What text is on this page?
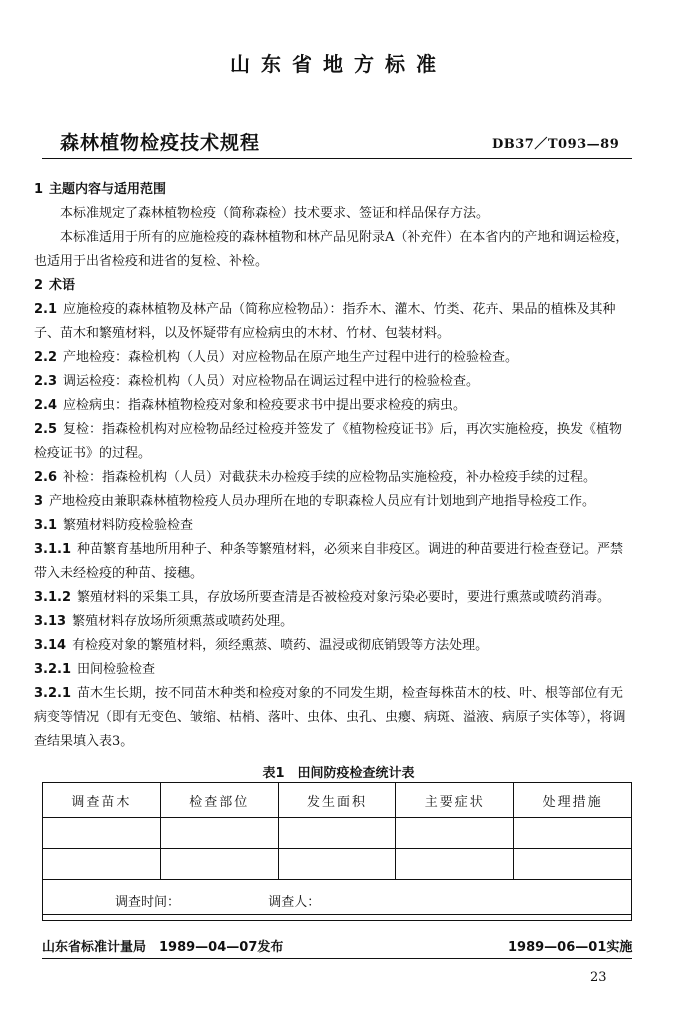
山东省地方标准
森林植物检疫技术规程	DB37／T093—89

1 主题内容与适用范围

本标准规定了森林植物检疫（简称森检）技术要求、签证和样品保存方法。

本标准适用于所有的应施检疫的森林植物和林产品见附录A（补充件）在本省内的产地和调运检疫，也适用于出省检疫和进省的复检、补检。

2 术语

2.1 应施检疫的森林植物及林产品（简称应检物品）：指乔木、灌木、竹类、花卉、果品的植株及其种子、苗木和繁殖材料，以及怀疑带有应检病虫的木材、竹材、包装材料。

2.2 产地检疫：森检机构（人员）对应检物品在原产地生产过程中进行的检验检查。

2.3 调运检疫：森检机构（人员）对应检物品在调运过程中进行的检验检查。

2.4 应检病虫：指森林植物检疫对象和检疫要求书中提出要求检疫的病虫。

2.5 复检：指森检机构对应检物品经过检疫并签发了《植物检疫证书》后，再次实施检疫，换发《植物检疫证书》的过程。

2.6 补检：指森检机构（人员）对截获未办检疫手续的应检物品实施检疫，补办检疫手续的过程。

3 产地检疫由兼职森林植物检疫人员办理所在地的专职森检人员应有计划地到产地指导检疫工作。

3.1 繁殖材料防疫检验检查

3.1.1 种苗繁育基地所用种子、种条等繁殖材料，必须来自非疫区。调进的种苗要进行检查登记。严禁带入未经检疫的种苗、接穗。

3.1.2 繁殖材料的采集工具，存放场所要查清是否被检疫对象污染必要时，要进行熏蒸或喷药消毒。

3.13 繁殖材料存放场所须熏蒸或喷药处理。

3.14 有检疫对象的繁殖材料，须经熏蒸、喷药、温浸或彻底销毁等方法处理。

3.2.1 田间检验检查

3.2.1 苗木生长期，按不同苗木种类和检疫对象的不同发生期，检查每株苗木的枝、叶、根等部位有无病变等情况（即有无变色、皱缩、枯梢、落叶、虫体、虫孔、虫瘿、病斑、溢液、病原子实体等），将调查结果填入表3。

表1　田间防疫检查统计表
调查苗木	检查部位	发生面积	主要症状	处理措施

调查时间： 调查人：				
山东省标准计量局　1989—04—07发布	1989—06—01实施
23
